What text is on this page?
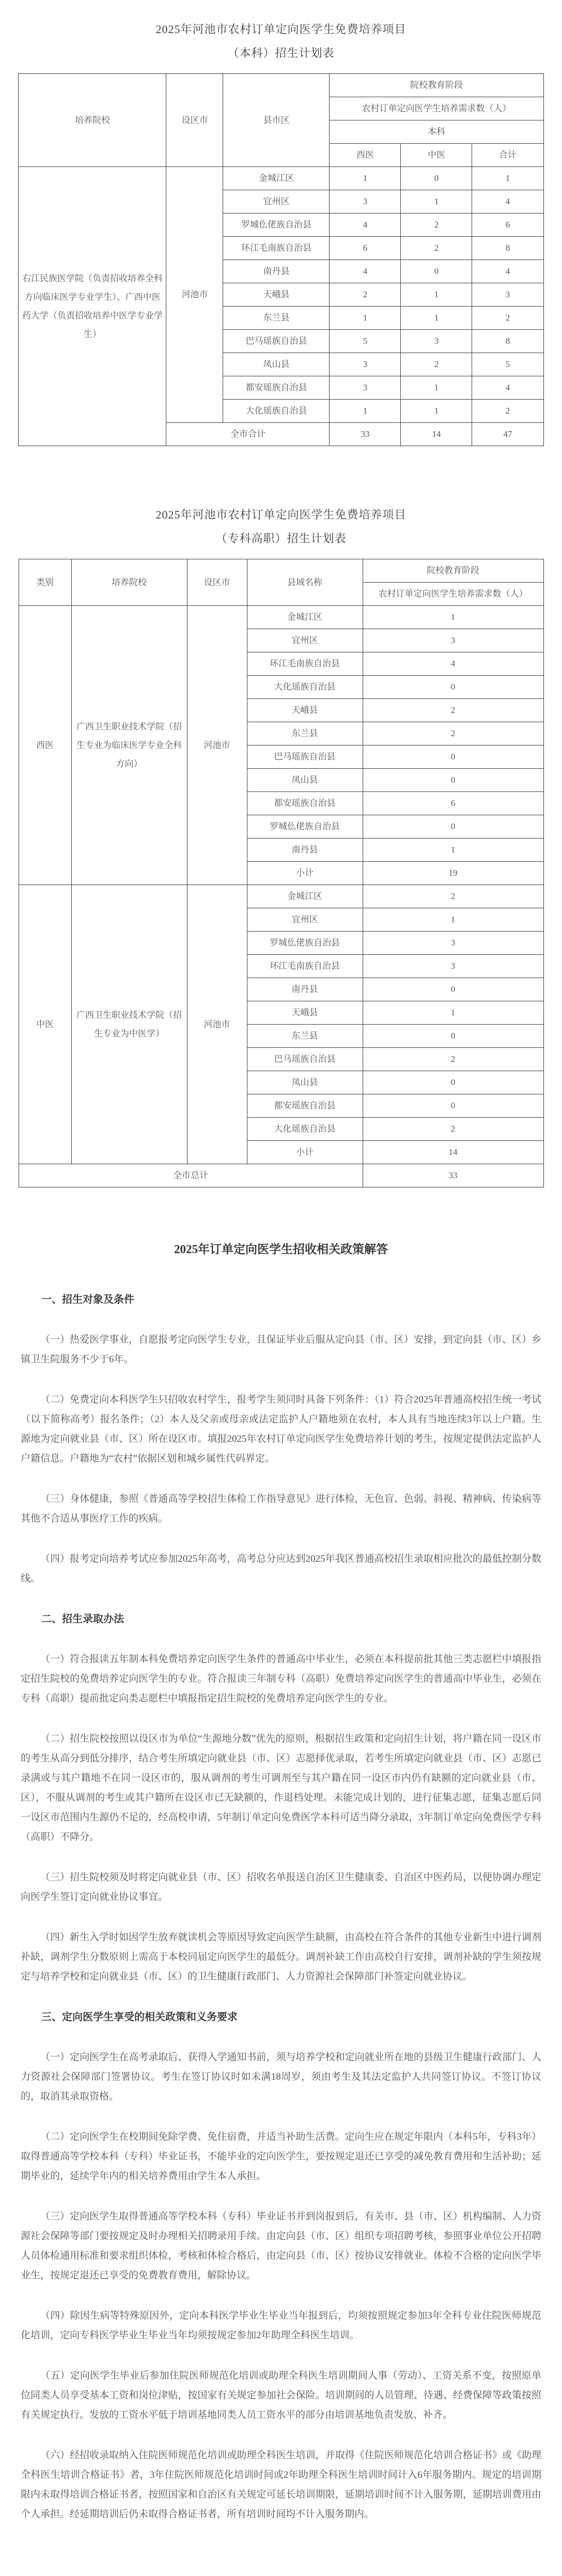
2025年河池市农村订单定向医学生免费培养项目
（本科）招生计划表
培养院校	设区市	县市区	院校教育阶段		
			农村订单定向医学生培养需求数（人）		
			本科		
			西医	中医	合计
右江民族医学院（负责招收培养全科方向临床医学专业学生）、广西中医药大学（负责招收培养中医学专业学生）	河池市	金城江区	1	0	1
		宜州区	3	1	4
		罗城仫佬族自治县	4	2	6
		环江毛南族自治县	6	2	8
		南丹县	4	0	4
		天峨县	2	1	3
		东兰县	1	1	2
		巴马瑶族自治县	5	3	8
		凤山县	3	2	5
		都安瑶族自治县	3	1	4
		大化瑶族自治县	1	1	2
	全市合计		33	14	47
2025年河池市农村订单定向医学生免费培养项目
（专科高职）招生计划表
类别	培养院校	设区市	县域名称	院校教育阶段
				农村订单定向医学生培养需求数（人）
西医	广西卫生职业技术学院（招生专业为临床医学专业全科方向）	河池市	金城江区	1
			宜州区	3
			环江毛南族自治县	4
			大化瑶族自治县	0
			天峨县	2
			东兰县	2
			巴马瑶族自治县	0
			凤山县	0
			都安瑶族自治县	6
			罗城仫佬族自治县	0
			南丹县	1
			小计	19
中医	广西卫生职业技术学院（招生专业为中医学）	河池市	金城江区	2
			宜州区	1
			罗城仫佬族自治县	3
			环江毛南族自治县	3
			南丹县	0
			天峨县	1
			东兰县	0
			巴马瑶族自治县	2
			凤山县	0
			都安瑶族自治县	0
			大化瑶族自治县	2
			小计	14
全市总计				33
2025年订单定向医学生招收相关政策解答
一、招生对象及条件

（一）热爱医学事业，自愿报考定向医学生专业，且保证毕业后服从定向县（市、区）安排，到定向县（市、区）乡镇卫生院服务不少于6年。

（二）免费定向本科医学生只招收农村学生，报考学生须同时具备下列条件：（1）符合2025年普通高校招生统一考试（以下简称高考）报名条件；（2）本人及父亲或母亲或法定监护人户籍地须在农村，本人具有当地连续3年以上户籍。生源地为定向就业县（市、区）所在设区市。填报2025年农村订单定向医学生免费培养计划的考生，按规定提供法定监护人户籍信息。户籍地为“农村”依据区划和城乡属性代码界定。

（三）身体健康，参照《普通高等学校招生体检工作指导意见》进行体检，无色盲、色弱、斜视、精神病、传染病等其他不合适从事医疗工作的疾病。

（四）报考定向培养考试应参加2025年高考，高考总分应达到2025年我区普通高校招生录取相应批次的最低控制分数线。

二、招生录取办法

（一）符合报读五年制本科免费培养定向医学生条件的普通高中毕业生，必须在本科提前批其他三类志愿栏中填报指定招生院校的免费培养定向医学生的专业。符合报读三年制专科（高职）免费培养定向医学生的普通高中毕业生，必须在专科（高职）提前批定向类志愿栏中填报指定招生院校的免费培养定向医学生的专业。

（二）招生院校按照以设区市为单位“生源地分数”优先的原则，根据招生政策和定向招生计划，将户籍在同一设区市的考生从高分到低分排序，结合考生所填定向就业县（市、区）志愿择优录取，若考生所填定向就业县（市、区）志愿已录满或与其户籍地不在同一设区市的，服从调剂的考生可调剂至与其户籍在同一设区市内仍有缺额的定向就业县（市、区），不服从调剂的考生或其户籍所在设区市已无缺额的，作退档处理。未能完成计划的，进行征集志愿，征集志愿后同一设区市范围内生源仍不足的，经高校申请，5年制订单定向免费医学本科可适当降分录取，3年制订单定向免费医学专科（高职）不降分。

（三）招生院校须及时将定向就业县（市、区）招收名单报送自治区卫生健康委、自治区中医药局，以便协调办理定向医学生签订定向就业协议事宜。

（四）新生入学时如因学生放弃就读机会等原因导致定向医学生缺额，由高校在符合条件的其他专业新生中进行调剂补缺，调剂学生分数原则上需高于本校同届定向医学生的最低分。调剂补缺工作由高校自行安排，调剂补缺的学生须按规定与培养学校和定向就业县（市、区）的卫生健康行政部门、人力资源社会保障部门补签定向就业协议。

三、定向医学生享受的相关政策和义务要求

（一）定向医学生在高考录取后、获得入学通知书前，须与培养学校和定向就业所在地的县级卫生健康行政部门、人力资源社会保障部门签署协议。考生在签订协议时如未满18周岁，须由考生及其法定监护人共同签订协议。不签订协议的，取消其录取资格。

（二）定向医学生在校期间免除学费、免住宿费，并适当补助生活费。定向生应在规定年限内（本科5年，专科3年）取得普通高等学校本科（专科）毕业证书，不能毕业的定向医学生，要按规定退还已享受的减免教育费用和生活补助；延期毕业的，延续学年内的相关培养费用由学生本人承担。

（三）定向医学生取得普通高等学校本科（专科）毕业证书并到岗报到后，有关市、县（市、区）机构编制、人力资源社会保障等部门要按规定及时办理相关招聘录用手续。由定向县（市、区）组织专项招聘考核，参照事业单位公开招聘人员体检通用标准和要求组织体检，考核和体检合格后，由定向县（市、区）按协议安排就业。体检不合格的定向医学毕业生，按规定退还已享受的免费教育费用，解除协议。

（四）除因生病等特殊原因外，定向本科医学毕业生毕业当年报到后，均须按照规定参加3年全科专业住院医师规范化培训，定向专科医学毕业生毕业当年均须按规定参加2年助理全科医生培训。

（五）定向医学生毕业后参加住院医师规范化培训或助理全科医生培训期间人事（劳动）、工资关系不变，按照原单位同类人员享受基本工资和岗位津贴，按国家有关规定参加社会保险。培训期间的人员管理、待遇、经费保障等政策按照有关规定执行。发放的工资水平低于培训基地同类人员工资水平的部分由培训基地负责发放、补齐。

（六）经招收录取纳入住院医师规范化培训或助理全科医生培训，并取得《住院医师规范化培训合格证书》或《助理全科医生培训合格证书》者，3年住院医师规范化培训时间或2年助理全科医生培训时间计入6年服务期内。规定的培训期限内未取得培训合格证书者，按照国家和自治区有关规定可延长培训期限，延期培训时间不计入服务期，延期培训费用由个人承担。经延期培训后仍未取得合格证书者，所有培训时间均不计入服务期内。
